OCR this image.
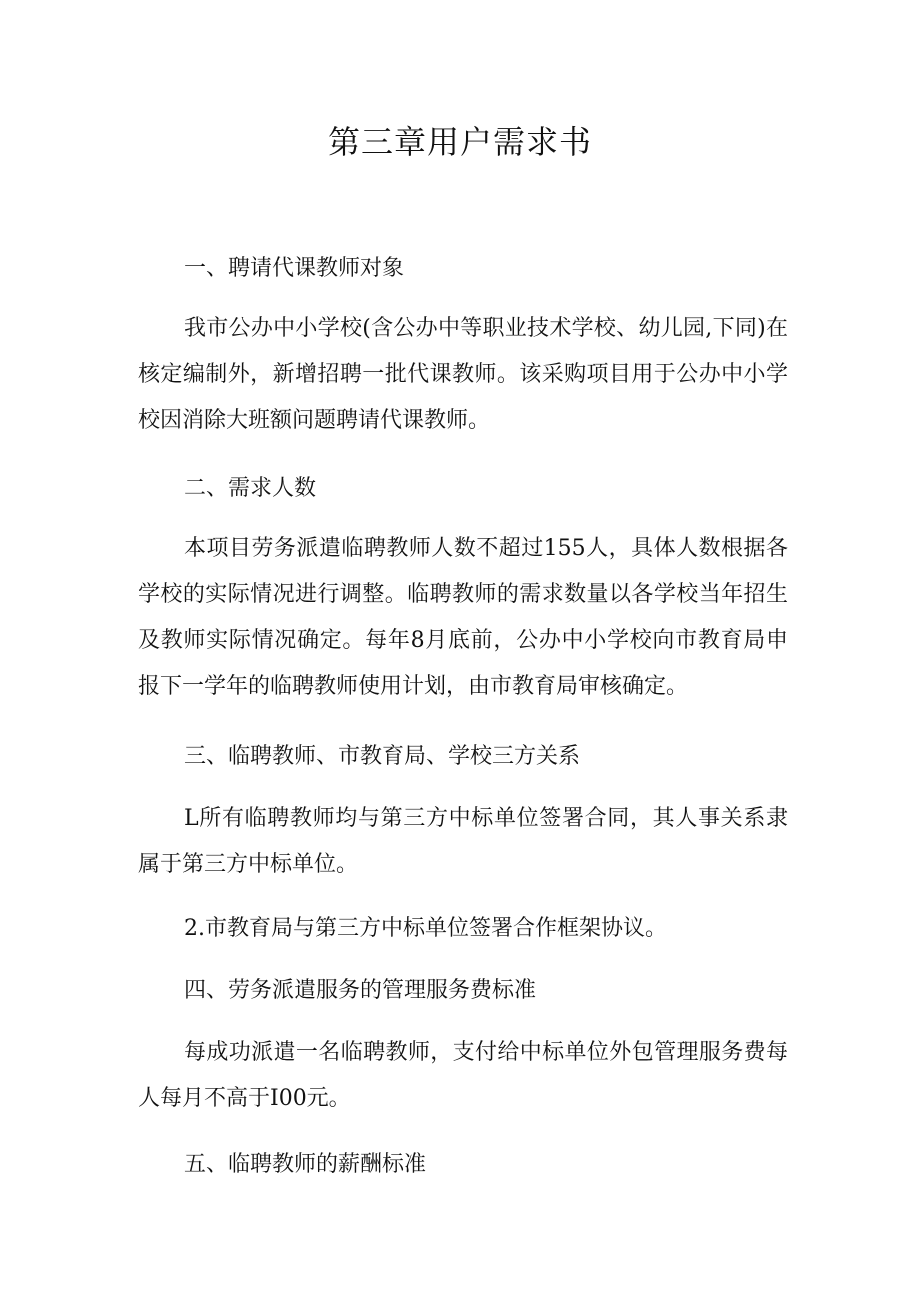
第三章用户需求书

一、聘请代课教师对象

我市公办中小学校(含公办中等职业技术学校、幼儿园,下同)在核定编制外，新增招聘一批代课教师。该采购项目用于公办中小学校因消除大班额问题聘请代课教师。

二、需求人数

本项目劳务派遣临聘教师人数不超过155人，具体人数根据各学校的实际情况进行调整。临聘教师的需求数量以各学校当年招生及教师实际情况确定。每年8月底前，公办中小学校向市教育局申报下一学年的临聘教师使用计划，由市教育局审核确定。

三、临聘教师、市教育局、学校三方关系

L所有临聘教师均与第三方中标单位签署合同，其人事关系隶属于第三方中标单位。

2.市教育局与第三方中标单位签署合作框架协议。

四、劳务派遣服务的管理服务费标准

每成功派遣一名临聘教师，支付给中标单位外包管理服务费每人每月不高于I00元。

五、临聘教师的薪酬标准
